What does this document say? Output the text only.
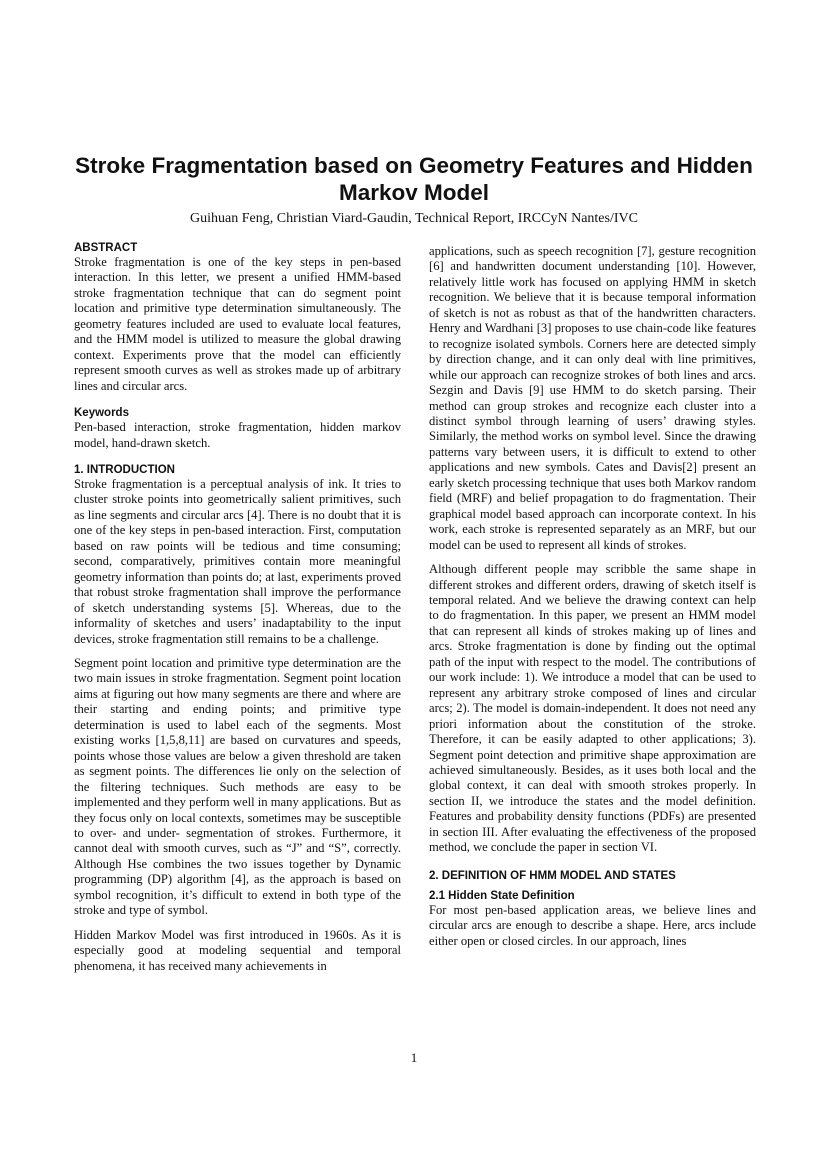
Stroke Fragmentation based on Geometry Features and Hidden Markov Model

Guihuan Feng, Christian Viard-Gaudin, Technical Report, IRCCyN Nantes/IVC

ABSTRACT

Stroke fragmentation is one of the key steps in pen-based interaction. In this letter, we present a unified HMM-based stroke fragmentation technique that can do segment point location and primitive type determination simultaneously. The geometry features included are used to evaluate local features, and the HMM model is utilized to measure the global drawing context. Experiments prove that the model can efficiently represent smooth curves as well as strokes made up of arbitrary lines and circular arcs.

Keywords

Pen-based interaction, stroke fragmentation, hidden markov model, hand-drawn sketch.

1. INTRODUCTION

Stroke fragmentation is a perceptual analysis of ink. It tries to cluster stroke points into geometrically salient primitives, such as line segments and circular arcs [4]. There is no doubt that it is one of the key steps in pen-based interaction. First, computation based on raw points will be tedious and time consuming; second, comparatively, primitives contain more meaningful geometry information than points do; at last, experiments proved that robust stroke fragmentation shall improve the performance of sketch understanding systems [5]. Whereas, due to the informality of sketches and users’ inadaptability to the input devices, stroke fragmentation still remains to be a challenge.

Segment point location and primitive type determination are the two main issues in stroke fragmentation. Segment point location aims at figuring out how many segments are there and where are their starting and ending points; and primitive type determination is used to label each of the segments. Most existing works [1,5,8,11] are based on curvatures and speeds, points whose those values are below a given threshold are taken as segment points. The differences lie only on the selection of the filtering techniques. Such methods are easy to be implemented and they perform well in many applications. But as they focus only on local contexts, sometimes may be susceptible to over- and under- segmentation of strokes. Furthermore, it cannot deal with smooth curves, such as “J” and “S”, correctly. Although Hse combines the two issues together by Dynamic programming (DP) algorithm [4], as the approach is based on symbol recognition, it’s difficult to extend in both type of the stroke and type of symbol.

Hidden Markov Model was first introduced in 1960s. As it is especially good at modeling sequential and temporal phenomena, it has received many achievements in

applications, such as speech recognition [7], gesture recognition [6] and handwritten document understanding [10]. However, relatively little work has focused on applying HMM in sketch recognition. We believe that it is because temporal information of sketch is not as robust as that of the handwritten characters. Henry and Wardhani [3] proposes to use chain-code like features to recognize isolated symbols. Corners here are detected simply by direction change, and it can only deal with line primitives, while our approach can recognize strokes of both lines and arcs. Sezgin and Davis [9] use HMM to do sketch parsing. Their method can group strokes and recognize each cluster into a distinct symbol through learning of users’ drawing styles. Similarly, the method works on symbol level. Since the drawing patterns vary between users, it is difficult to extend to other applications and new symbols. Cates and Davis[2] present an early sketch processing technique that uses both Markov random field (MRF) and belief propagation to do fragmentation. Their graphical model based approach can incorporate context. In his work, each stroke is represented separately as an MRF, but our model can be used to represent all kinds of strokes.

Although different people may scribble the same shape in different strokes and different orders, drawing of sketch itself is temporal related. And we believe the drawing context can help to do fragmentation. In this paper, we present an HMM model that can represent all kinds of strokes making up of lines and arcs. Stroke fragmentation is done by finding out the optimal path of the input with respect to the model. The contributions of our work include: 1). We introduce a model that can be used to represent any arbitrary stroke composed of lines and circular arcs; 2). The model is domain-independent. It does not need any priori information about the constitution of the stroke. Therefore, it can be easily adapted to other applications; 3). Segment point detection and primitive shape approximation are achieved simultaneously. Besides, as it uses both local and the global context, it can deal with smooth strokes properly. In section II, we introduce the states and the model definition. Features and probability density functions (PDFs) are presented in section III. After evaluating the effectiveness of the proposed method, we conclude the paper in section VI.

2. DEFINITION OF HMM MODEL AND STATES
2.1 Hidden State Definition

For most pen-based application areas, we believe lines and circular arcs are enough to describe a shape. Here, arcs include either open or closed circles. In our approach, lines

1
